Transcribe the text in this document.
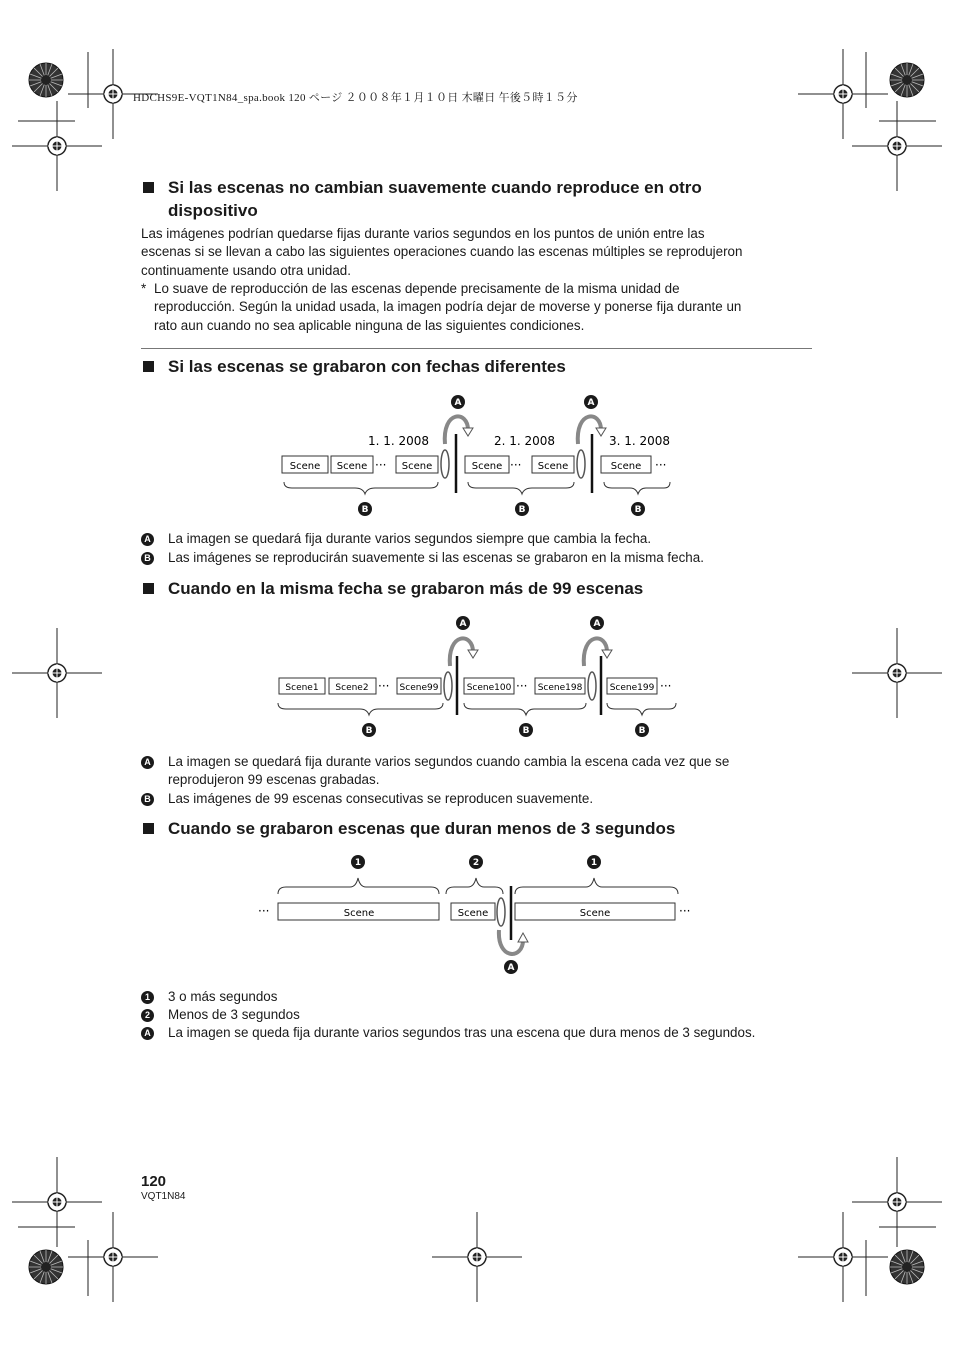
HDCHS9E-VQT1N84_spa.book 120 ページ ２００８年１月１０日 木曜日 午後５時１５分
Si las escenas no cambian suavemente cuando reproduce en otro
dispositivo
Las imágenes podrían quedarse fijas durante varios segundos en los puntos de unión entre las
escenas si se llevan a cabo las siguientes operaciones cuando las escenas múltiples se reprodujeron
continuamente usando otra unidad.
* Lo suave de reproducción de las escenas depende precisamente de la misma unidad de
reproducción. Según la unidad usada, la imagen podría dejar de moverse y ponerse fija durante un
rato aun cuando no sea aplicable ninguna de las siguientes condiciones.
Si las escenas se grabaron con fechas diferentes
1. 1. 2008	2. 1. 2008	3. 1. 2008
Scene Scene	Scene	Scene	Scene	Scene
···	···	···
A	A
B	B	B
A La imagen se quedará fija durante varios segundos siempre que cambia la fecha.
B Las imágenes se reproducirán suavemente si las escenas se grabaron en la misma fecha.
Cuando en la misma fecha se grabaron más de 99 escenas
Scene1 Scene2	Scene99	Scene100	Scene198	Scene199
···	···	···
A	A
B	B	B
A La imagen se quedará fija durante varios segundos cuando cambia la escena cada vez que se
reprodujeron 99 escenas grabadas.
B Las imágenes de 99 escenas consecutivas se reproducen suavemente.
Cuando se grabaron escenas que duran menos de 3 segundos
1	2	1
A
Scene	Scene	Scene
···	···
1 3 o más segundos
2 Menos de 3 segundos
A La imagen se queda fija durante varios segundos tras una escena que dura menos de 3 segundos.
120
VQT1N84
